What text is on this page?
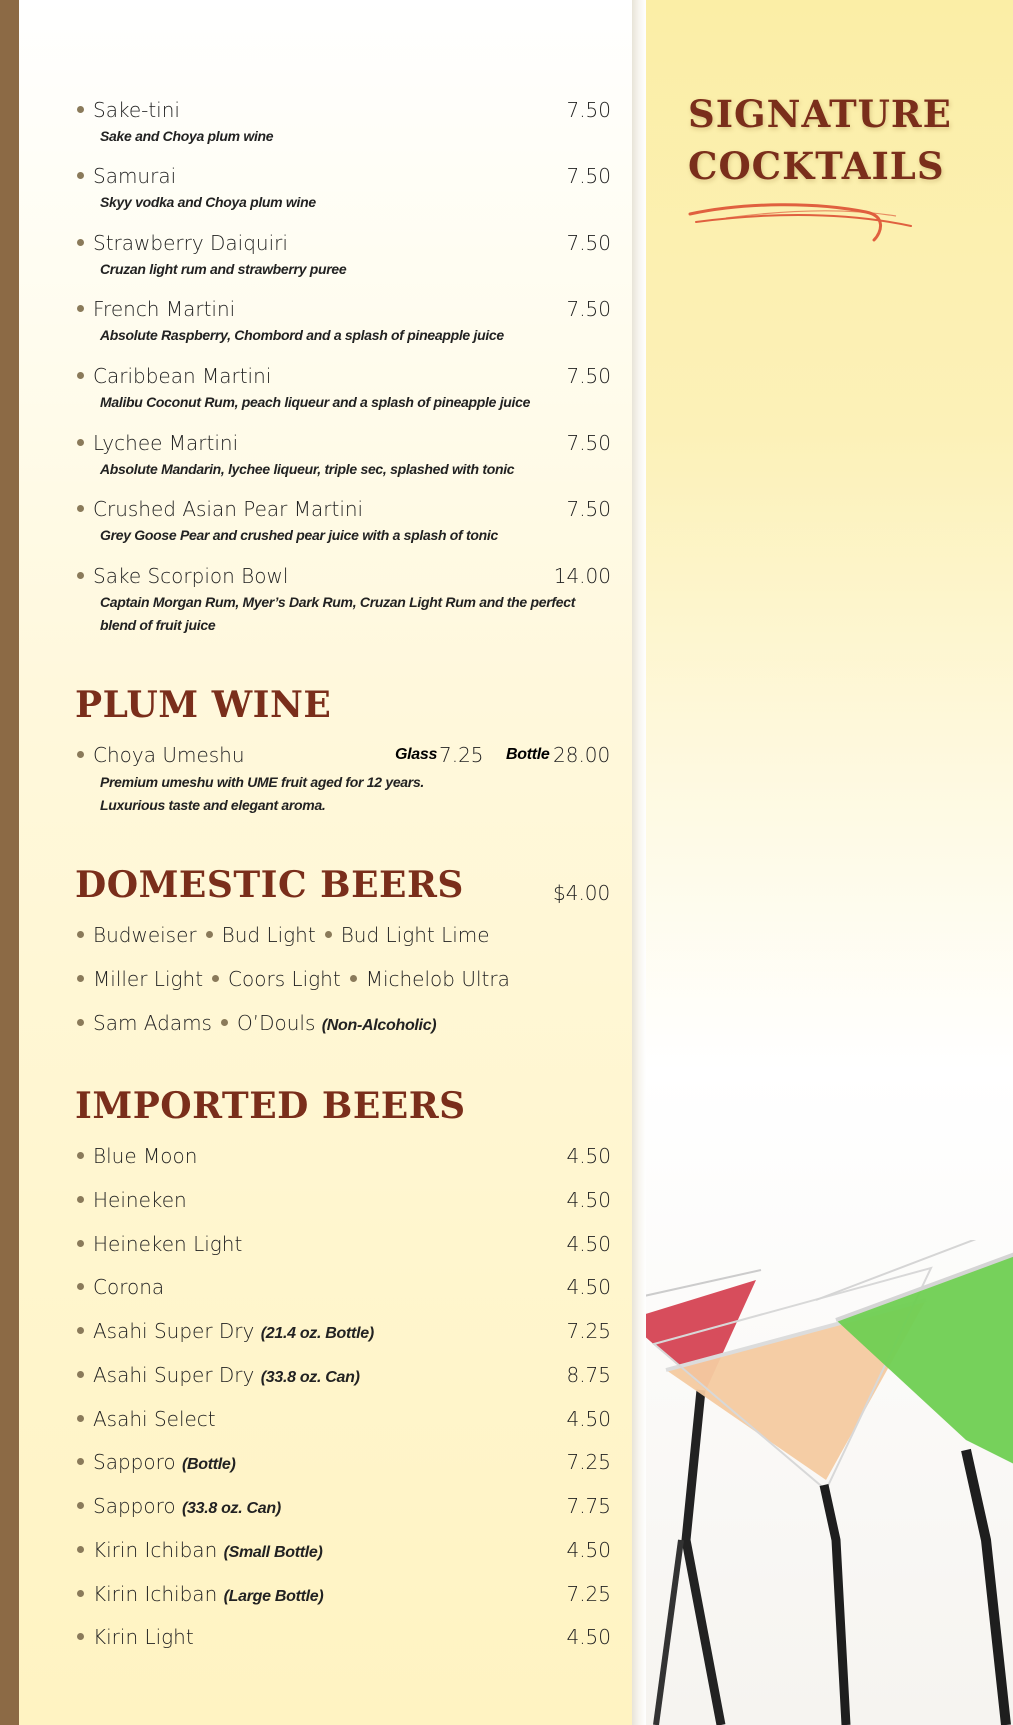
SIGNATURE
COCKTAILS
Sake-tini	7.50
Sake and Choya plum wine
Samurai	7.50
Skyy vodka and Choya plum wine
Strawberry Daiquiri	7.50
Cruzan light rum and strawberry puree
French Martini	7.50
Absolute Raspberry, Chombord and a splash of pineapple juice
Caribbean Martini	7.50
Malibu Coconut Rum, peach liqueur and a splash of pineapple juice
Lychee Martini	7.50
Absolute Mandarin, lychee liqueur, triple sec, splashed with tonic
Crushed Asian Pear Martini	7.50
Grey Goose Pear and crushed pear juice with a splash of tonic
Sake Scorpion Bowl	14.00
Captain Morgan Rum, Myer’s Dark Rum, Cruzan Light Rum and the perfect
blend of fruit juice
PLUM WINE
Choya Umeshu	Glass 7.25 Bottle 28.00
Premium umeshu with UME fruit aged for 12 years.
Luxurious taste and elegant aroma.
DOMESTIC BEERS	$4.00
Budweiser Bud Light Bud Light Lime
Miller Light Coors Light Michelob Ultra
Sam Adams O’Douls (Non-Alcoholic)
IMPORTED BEERS
Blue Moon	4.50
Heineken	4.50
Heineken Light	4.50
Corona	4.50
Asahi Super Dry (21.4 oz. Bottle)	7.25
Asahi Super Dry (33.8 oz. Can)	8.75
Asahi Select	4.50
Sapporo (Bottle)	7.25
Sapporo (33.8 oz. Can)	7.75
Kirin Ichiban (Small Bottle)	4.50
Kirin Ichiban (Large Bottle)	7.25
Kirin Light	4.50
